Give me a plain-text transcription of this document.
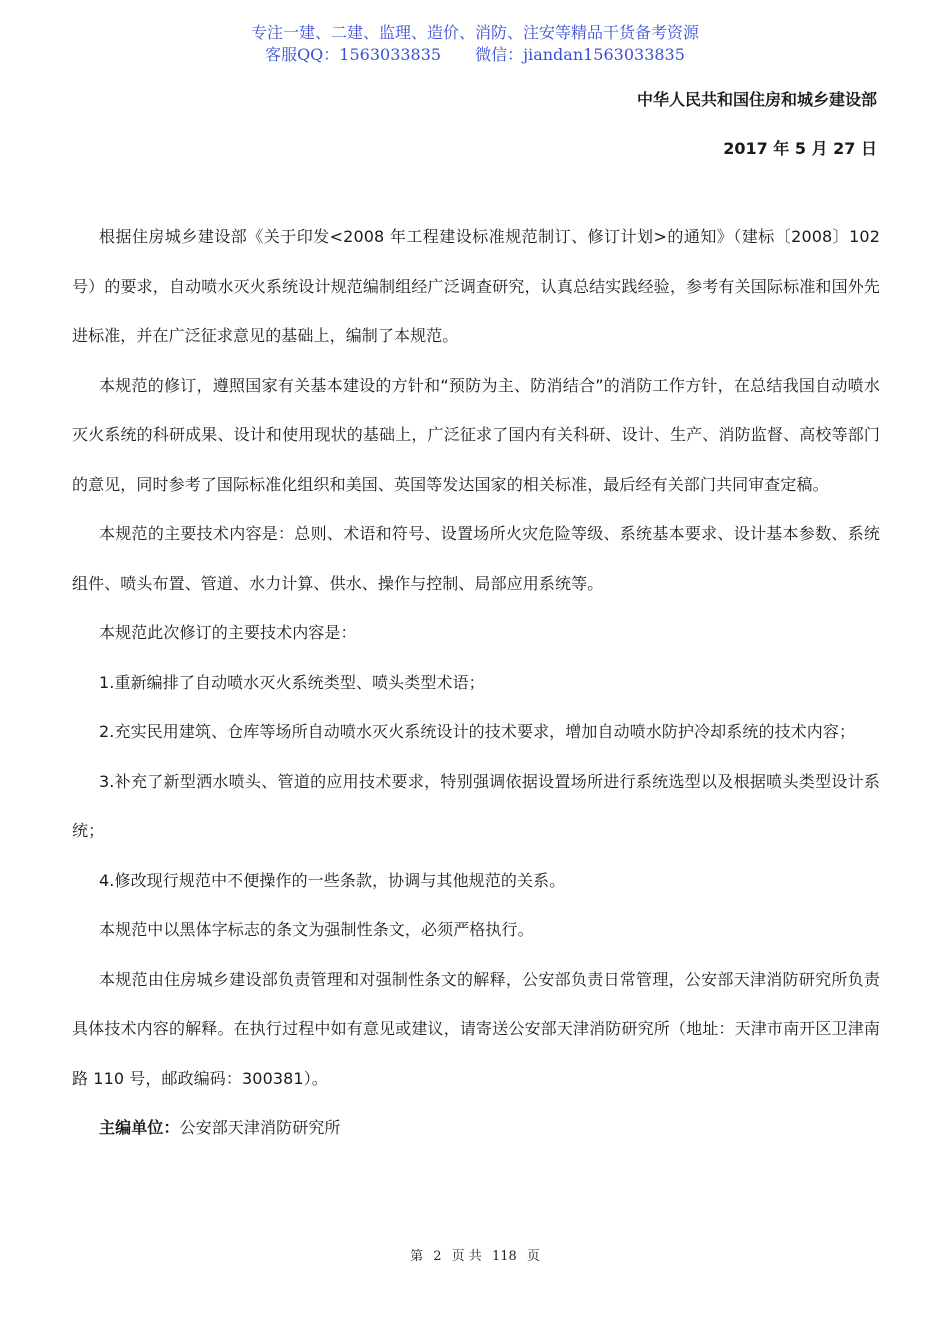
专注一建、二建、监理、造价、消防、注安等精品干货备考资源
客服QQ：1563033835 微信：jiandan1563033835
中华人民共和国住房和城乡建设部
2017 年 5 月 27 日

根据住房城乡建设部《关于印发<2008 年工程建设标准规范制订、修订计划>的通知》（建标〔2008〕102 号）的要求，自动喷水灭火系统设计规范编制组经广泛调查研究，认真总结实践经验，参考有关国际标准和国外先进标准，并在广泛征求意见的基础上，编制了本规范。

本规范的修订，遵照国家有关基本建设的方针和“预防为主、防消结合”的消防工作方针，在总结我国自动喷水灭火系统的科研成果、设计和使用现状的基础上，广泛征求了国内有关科研、设计、生产、消防监督、高校等部门的意见，同时参考了国际标准化组织和美国、英国等发达国家的相关标准，最后经有关部门共同审查定稿。

本规范的主要技术内容是：总则、术语和符号、设置场所火灾危险等级、系统基本要求、设计基本参数、系统组件、喷头布置、管道、水力计算、供水、操作与控制、局部应用系统等。

本规范此次修订的主要技术内容是：

1.重新编排了自动喷水灭火系统类型、喷头类型术语；

2.充实民用建筑、仓库等场所自动喷水灭火系统设计的技术要求，增加自动喷水防护冷却系统的技术内容；

3.补充了新型洒水喷头、管道的应用技术要求，特别强调依据设置场所进行系统选型以及根据喷头类型设计系统；

4.修改现行规范中不便操作的一些条款，协调与其他规范的关系。

本规范中以黑体字标志的条文为强制性条文，必须严格执行。

本规范由住房城乡建设部负责管理和对强制性条文的解释，公安部负责日常管理，公安部天津消防研究所负责具体技术内容的解释。在执行过程中如有意见或建议，请寄送公安部天津消防研究所（地址：天津市南开区卫津南路 110 号，邮政编码：300381）。

主编单位：公安部天津消防研究所

第 2 页 共 118 页
